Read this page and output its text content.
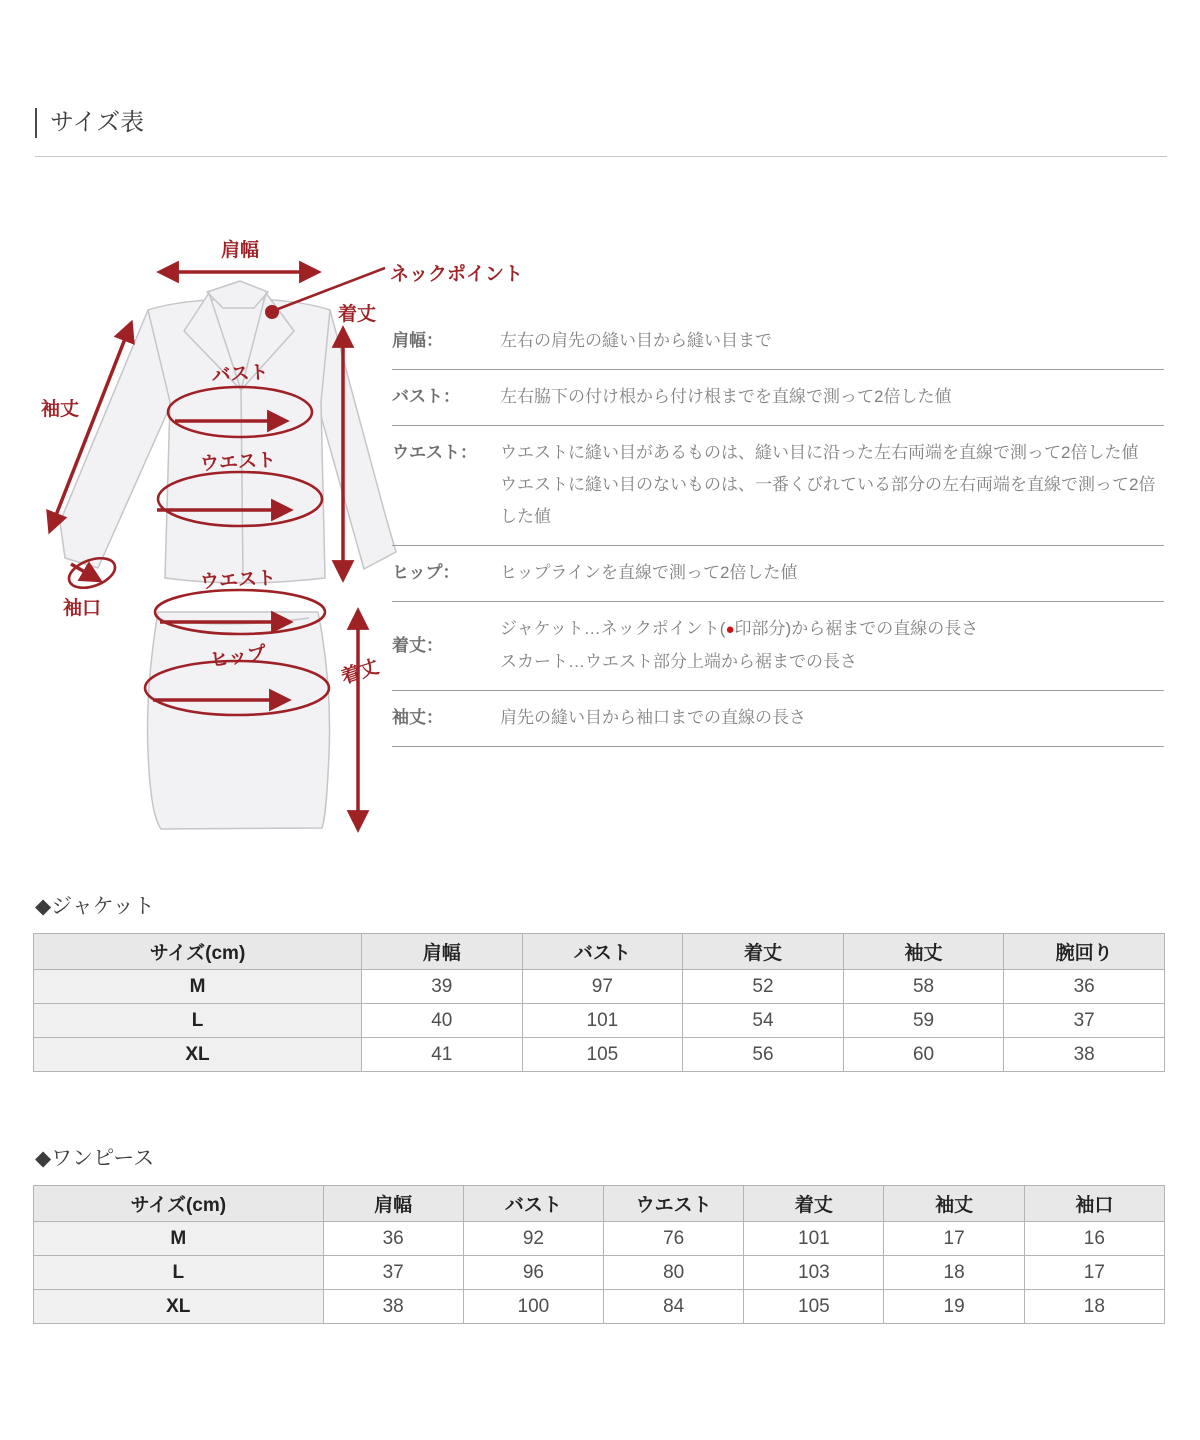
サイズ表
肩幅
ネックポイント
着丈
袖丈
バスト
ウエスト
袖口
ウエスト
ヒップ	着丈
肩幅：	左右の肩先の縫い目から縫い目まで
バスト：	左右脇下の付け根から付け根までを直線で測って2倍した値
ウエスト：	ウエストに縫い目があるものは、縫い目に沿った左右両端を直線で測って2倍した値
ウエストに縫い目のないものは、一番くびれている部分の左右両端を直線で測って2倍した値
ヒップ：	ヒップラインを直線で測って2倍した値
着丈：
ジャケット…ネックポイント(●印部分)から裾までの直線の長さ
スカート…ウエスト部分上端から裾までの長さ
袖丈：	肩先の縫い目から袖口までの直線の長さ
◆ジャケット
サイズ(cm)	肩幅	バスト	着丈	袖丈	腕回り
M	39	97	52	58	36
L	40	101	54	59	37
XL	41	105	56	60	38
◆ワンピース
サイズ(cm)	肩幅	バスト	ウエスト	着丈	袖丈	袖口
M	36	92	76	101	17	16
L	37	96	80	103	18	17
XL	38	100	84	105	19	18
